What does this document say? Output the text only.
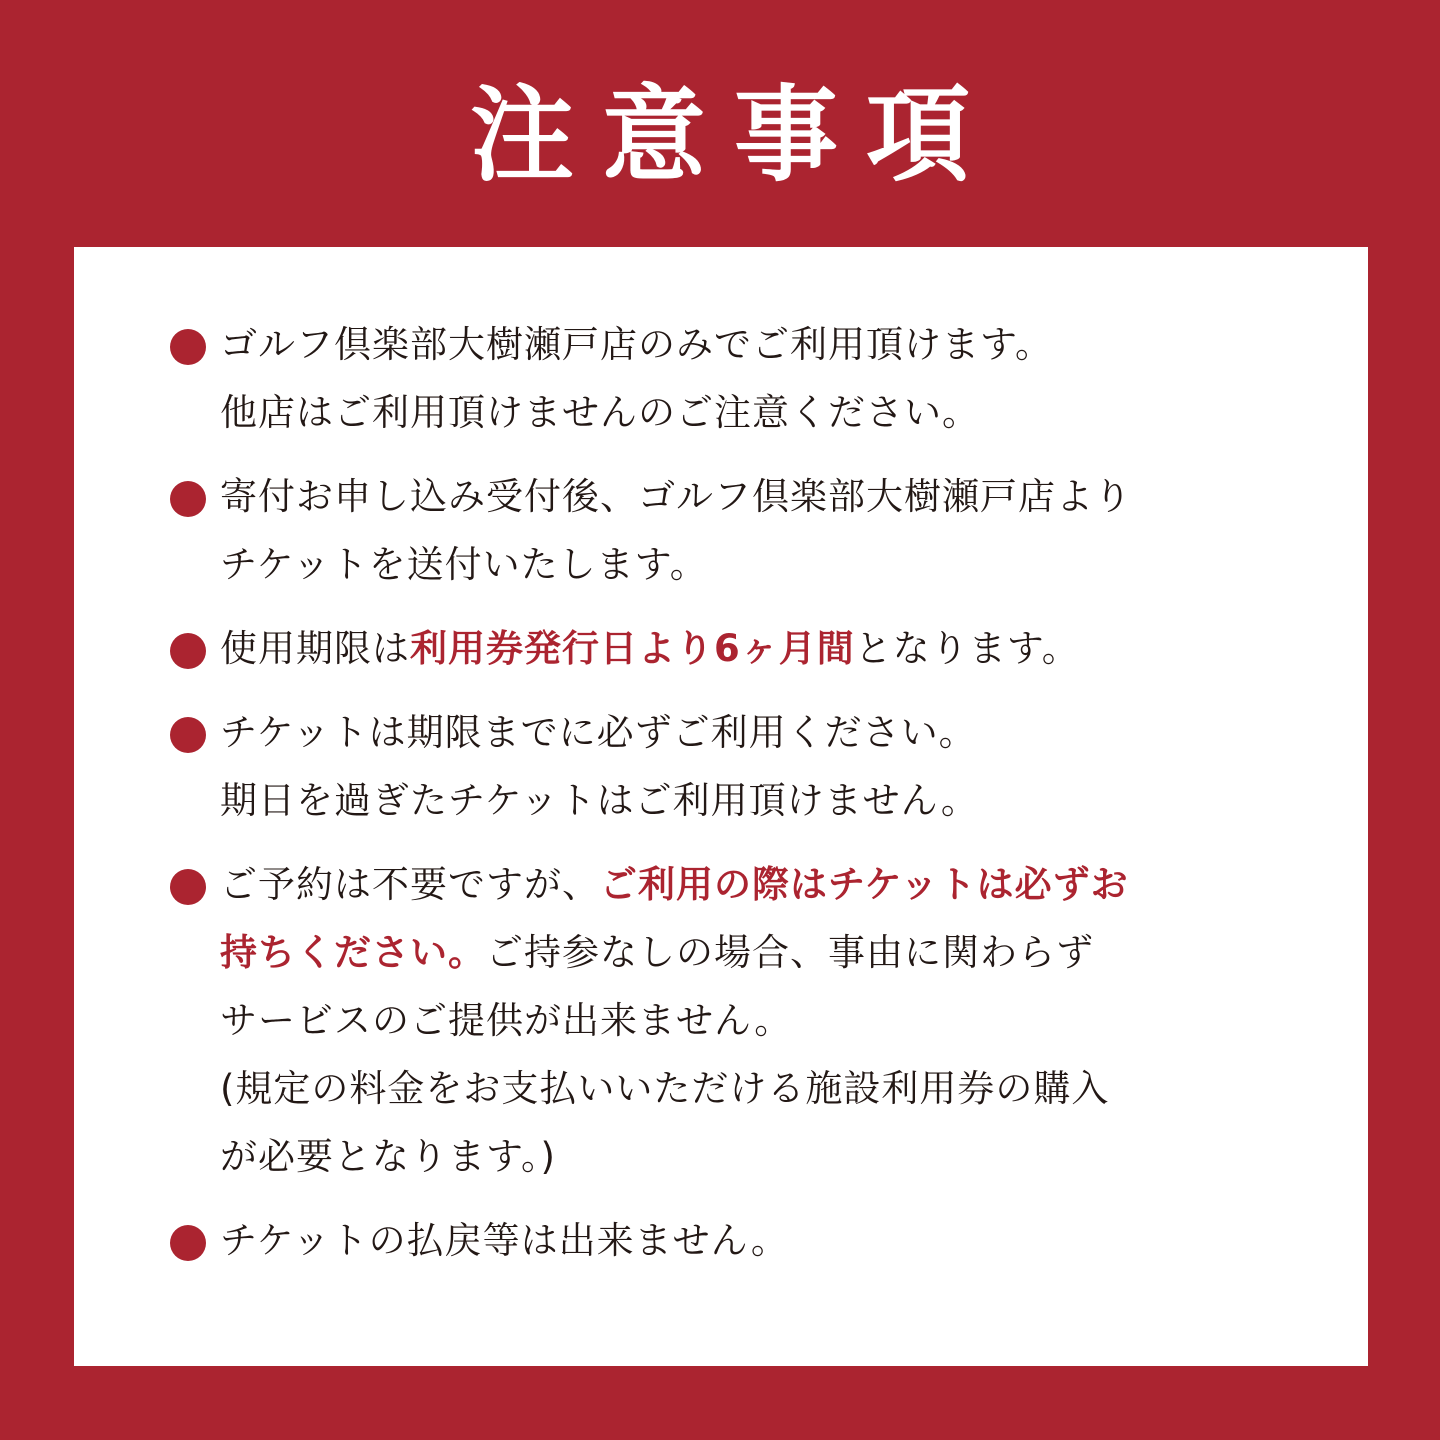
注意事項
ゴルフ倶楽部大樹瀬戸店のみでご利用頂けます。
他店はご利用頂けませんのご注意ください。
寄付お申し込み受付後、ゴルフ倶楽部大樹瀬戸店より
チケットを送付いたします。
使用期限は利用券発行日より6ヶ月間となります。
チケットは期限までに必ずご利用ください。
期日を過ぎたチケットはご利用頂けません。
ご予約は不要ですが、ご利用の際はチケットは必ずお
持ちください。ご持参なしの場合、事由に関わらず
サービスのご提供が出来ません。
(規定の料金をお支払いいただける施設利用券の購入
が必要となります。)
チケットの払戻等は出来ません。
